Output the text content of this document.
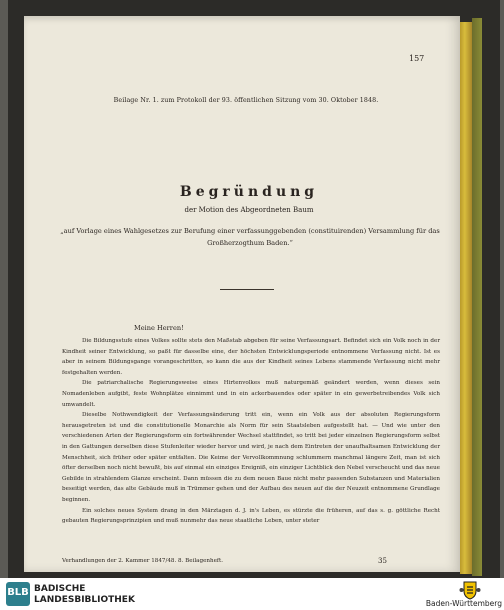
157
Beilage Nr. 1. zum Protokoll der 93. öffentlichen Sitzung vom 30. Oktober 1848.
Begründung
der Motion des Abgeordneten Baum
„auf Vorlage eines Wahlgesetzes zur Berufung einer verfassunggebenden (constituirenden) Versammlung für das Großherzogthum Baden.“
Meine Herren!

Die Bildungsstufe eines Volkes sollte stets den Maßstab abgeben für seine Verfassungsart. Befindet sich ein Volk noch in der Kindheit seiner Entwicklung, so paßt für dasselbe eine, der höchsten Entwicklungsperiode entnommene Verfassung nicht. Ist es aber in seinem Bildungsgange vorangeschritten, so kann die aus der Kindheit seines Lebens stammende Verfassung nicht mehr festgehalten werden.

Die patriarchalische Regierungsweise eines Hirtenvolkes muß naturgemäß geändert werden, wenn dieses sein Nomadenleben aufgibt, feste Wohnplätze einnimmt und in ein ackerbauendes oder später in ein gewerbetreibendes Volk sich umwandelt.

Dieselbe Nothwendigkeit der Verfassungsänderung tritt ein, wenn ein Volk aus der absoluten Regierungsform herausgetreten ist und die constitutionelle Monarchie als Norm für sein Staatsleben aufgestellt hat. — Und wie unter den verschiedenen Arten der Regierungsform ein fortwährender Wechsel stattfindet, so tritt bei jeder einzelnen Regierungsform selbst in den Gattungen derselben diese Stufenleiter wieder hervor und wird, je nach dem Eintreten der unaufhaltsamen Entwicklung der Menschheit, sich früher oder später entfalten. Die Keime der Vervollkommnung schlummern manchmal längere Zeit, man ist sich öfter derselben noch nicht bewußt, bis auf einmal ein einziges Ereigniß, ein einziger Lichtblick den Nebel verscheucht und das neue Gebilde in strahlendem Glanze erscheint. Dann müssen die zu dem neuen Baue nicht mehr passenden Substanzen und Materialien beseitigt werden, das alte Gebäude muß in Trümmer gehen und der Aufbau des neuen auf die der Neuzeit entnommene Grundlage beginnen.

Ein solches neues System drang in den Märztagen d. J. in's Leben, es stürzte die früheren, auf das s. g. göttliche Recht gebauten Regierungsprinzipien und muß nunmehr das neue staatliche Leben, unter steter

Verhandlungen der 2. Kammer 1847/48. 8. Beilagenheft.	35
BLB BADISCHE
LANDESBIBLIOTHEK	Baden-Württemberg
